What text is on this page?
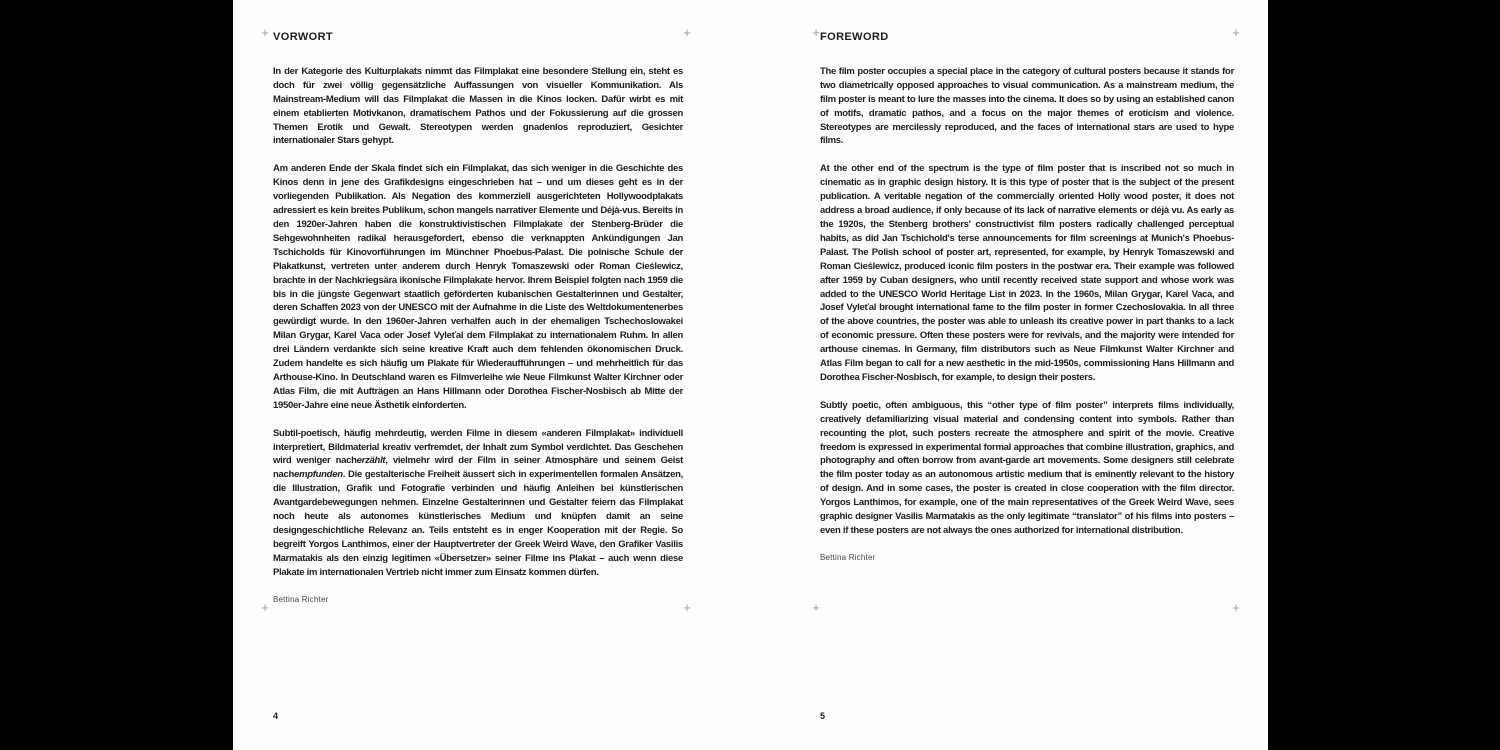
+	+
+	+
+	+
+	+
VORWORT

In der Kategorie des Kulturplakats nimmt das Filmplakat eine besondere Stellung ein, steht es doch für zwei völlig gegensätzliche Auffassungen von visueller Kommunikation. Als Mainstream-Medium will das Filmplakat die Massen in die Kinos locken. Dafür wirbt es mit einem etablierten Motivkanon, dramatischem Pathos und der Fokussierung auf die grossen Themen Erotik und Gewalt. Stereotypen werden gnadenlos reproduziert, Gesichter internationaler Stars gehypt.

Am anderen Ende der Skala findet sich ein Filmplakat, das sich weniger in die Geschichte des Kinos denn in jene des Grafikdesigns eingeschrieben hat – und um dieses geht es in der vorliegenden Publikation. Als Negation des kommerziell ausgerichteten Hollywoodplakats adressiert es kein breites Publikum, schon mangels narrativer Elemente und Déjà-vus. Bereits in den 1920er-Jahren haben die konstruktivistischen Filmplakate der Stenberg-Brüder die Sehgewohnheiten radikal herausgefordert, ebenso die verknappten Ankündigungen Jan Tschicholds für Kinovorführungen im Münchner Phoebus-Palast. Die polnische Schule der Plakatkunst, vertreten unter anderem durch Henryk Tomaszewski oder Roman Cieślewicz, brachte in der Nachkriegsära ikonische Filmplakate hervor. Ihrem Beispiel folgten nach 1959 die bis in die jüngste Gegenwart staatlich geförderten kubanischen Gestalterinnen und Gestalter, deren Schaffen 2023 von der UNESCO mit der Aufnahme in die Liste des Weltdokumentenerbes gewürdigt wurde. In den 1960er-Jahren verhalfen auch in der ehemaligen Tschechoslowakei Milan Grygar, Karel Vaca oder Josef Vyleťal dem Filmplakat zu internationalem Ruhm. In allen drei Ländern verdankte sich seine kreative Kraft auch dem fehlenden ökonomischen Druck. Zudem handelte es sich häufig um Plakate für Wiederaufführungen – und mehrheitlich für das Arthouse-Kino. In Deutschland waren es Filmverleihe wie Neue Filmkunst Walter Kirchner oder Atlas Film, die mit Aufträgen an Hans Hillmann oder Dorothea Fischer-Nosbisch ab Mitte der 1950er-Jahre eine neue Ästhetik einforderten.

Subtil-poetisch, häufig mehrdeutig, werden Filme in diesem «anderen Filmplakat» individuell interpretiert, Bildmaterial kreativ verfremdet, der Inhalt zum Symbol verdichtet. Das Geschehen wird weniger nacherzählt, vielmehr wird der Film in seiner Atmosphäre und seinem Geist nachempfunden. Die gestalterische Freiheit äussert sich in experimentellen formalen Ansätzen, die Illustration, Grafik und Fotografie verbinden und häufig Anleihen bei künstlerischen Avantgardebewegungen nehmen. Einzelne Gestalterinnen und Gestalter feiern das Filmplakat noch heute als autonomes künstlerisches Medium und knüpfen damit an seine designgeschichtliche Relevanz an. Teils entsteht es in enger Kooperation mit der Regie. So begreift Yorgos Lanthimos, einer der Hauptvertreter der Greek Weird Wave, den Grafiker Vasilis Marmatakis als den einzig legitimen «Übersetzer» seiner Filme ins Plakat – auch wenn diese Plakate im internationalen Vertrieb nicht immer zum Einsatz kommen dürfen.

Bettina Richter
FOREWORD

The film poster occupies a special place in the category of cultural posters because it stands for two diametrically opposed approaches to visual communication. As a mainstream medium, the film poster is meant to lure the masses into the cinema. It does so by using an established canon of motifs, dramatic pathos, and a focus on the major themes of eroticism and violence. Stereotypes are mercilessly reproduced, and the faces of international stars are used to hype films.

At the other end of the spectrum is the type of film poster that is inscribed not so much in cinematic as in graphic design history. It is this type of poster that is the subject of the present publication. A veritable negation of the commercially oriented Holly wood poster, it does not address a broad audience, if only because of its lack of narrative elements or déjà vu. As early as the 1920s, the Stenberg brothers' constructivist film posters radically challenged perceptual habits, as did Jan Tschichold's terse announcements for film screenings at Munich's Phoebus-Palast. The Polish school of poster art, represented, for example, by Henryk Tomaszewski and Roman Cieślewicz, produced iconic film posters in the postwar era. Their example was followed after 1959 by Cuban designers, who until recently received state support and whose work was added to the UNESCO World Heritage List in 2023. In the 1960s, Milan Grygar, Karel Vaca, and Josef Vyleťal brought international fame to the film poster in former Czechoslovakia. In all three of the above countries, the poster was able to unleash its creative power in part thanks to a lack of economic pressure. Often these posters were for revivals, and the majority were intended for arthouse cinemas. In Germany, film distributors such as Neue Filmkunst Walter Kirchner and Atlas Film began to call for a new aesthetic in the mid-1950s, commissioning Hans Hillmann and Dorothea Fischer-Nosbisch, for example, to design their posters.

Subtly poetic, often ambiguous, this “other type of film poster” interprets films individually, creatively defamiliarizing visual material and condensing content into symbols. Rather than recounting the plot, such posters recreate the atmosphere and spirit of the movie. Creative freedom is expressed in experimental formal approaches that combine illustration, graphics, and photography and often borrow from avant-garde art movements. Some designers still celebrate the film poster today as an autonomous artistic medium that is eminently relevant to the history of design. And in some cases, the poster is created in close cooperation with the film director. Yorgos Lanthimos, for example, one of the main representatives of the Greek Weird Wave, sees graphic designer Vasilis Marmatakis as the only legitimate “translator” of his films into posters – even if these posters are not always the ones authorized for international distribution.

Bettina Richter
4	5
